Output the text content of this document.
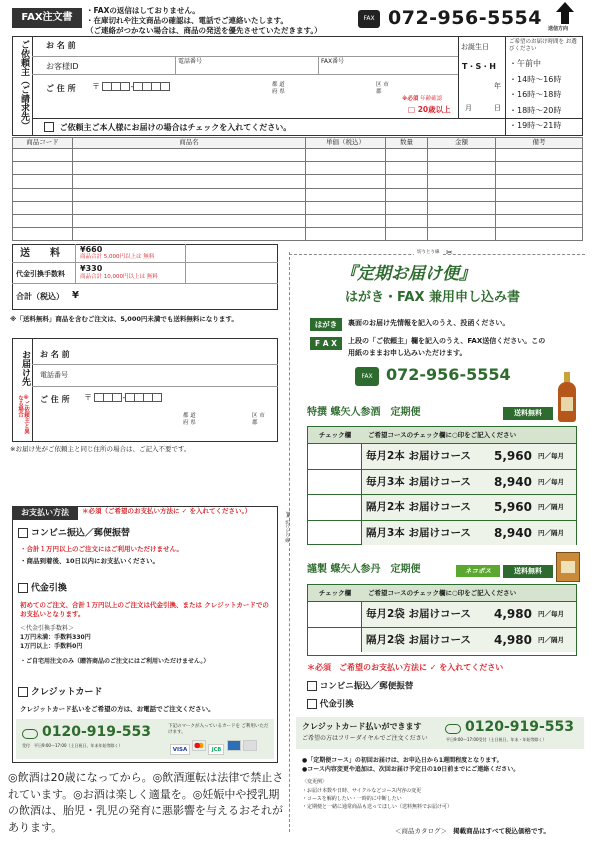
FAX注文書
・FAXの返信はしておりません。
・在庫切れや注文商品の確認は、電話でご連絡いたします。
（ご連絡がつかない場合は、商品の発送を優先させていただきます。）
FAX 072-956-5554 送信方向
ご依頼主（ご請求先） お 名 前
お客様ID
電話番号	FAX番号
ご 住 所 〒	-	都 道
府 県
区 市
郡
※必須 年齢確認
□ 20歳以上
お誕生日
T・S・H
年
月	日
ご希望のお届け時間を お選びください
・午前中
・14時～16時
・16時～18時
・18時～20時
・19時～21時
ご依頼主ご本人様にお届けの場合はチェックを入れてください。
商品コード	商品名	単価（税込）	数量	金額	備考

送　　料	¥660
商品合計 5,000円以上は 無料
代金引換手数料
¥330
商品合計 10,000円以上は 無料
合計（税込） ¥
※「送料無料」商品を含むご注文は、5,000円未満でも送料無料になります。
お届け先
※ご依頼主と異なる場合
お 名 前
電話番号
ご 住 所 〒	-
都 道
府 県
区 市
郡
※お届け先がご依頼主と同じ住所の場合は、ご記入不要です。
お支払い方法	＊必須（ご希望のお支払い方法に ✓ を入れてください。）
コンビニ振込／郵便振替
・合計１万円以上のご注文にはご利用いただけません。
・商品到着後、10日以内にお支払いください。
代金引換
初めてのご注文、合計１万円以上のご注文は代金引換、または クレジットカードでのお支払いとなります。
＜代金引換手数料＞
1万円未満：手数料330円
1万円以上：手数料0円
・ご自宅用注文のみ（贈答商品のご注文にはご利用いただけません。）
クレジットカード
クレジットカード払いをご希望の方は、お電話でご注文ください。
0120-919-553
受付　平日9:00～17:00（土日祝日、年末年始等除く）
下記のマークが入っているカードを ご利用いただけます。
VISA	JCB
◎飲酒は20歳になってから。◎飲酒運転は法律で禁止されています。◎お酒は楽しく適量を。◎妊娠中や授乳期の飲酒は、胎児・乳児の発育に悪影響を与えるおそれがあります。
切りとり線 ✂
切りとり線
✂
『定期お届け便』
はがき・FAX 兼用申し込み書
はがき	裏面のお届け先情報を記入のうえ、投函ください。
F A X	上段の「ご依頼主」欄を記入のうえ、FAX送信ください。この用紙のままお申し込みいただけます。
FAX 072-956-5554
特撰 蝶矢人参酒　定期便	送料無料
チェック欄	ご希望コースのチェック欄に○印をご記入ください
毎月2本 お届けコース 5,960 円／毎月
毎月3本 お届けコース 8,940 円／毎月
隔月2本 お届けコース 5,960 円／隔月
隔月3本 お届けコース 8,940 円／隔月
謹製 蝶矢人参丹　定期便	ネコポス	送料無料
チェック欄	ご希望コースのチェック欄に○印をご記入ください
毎月2袋 お届けコース 4,980 円／毎月
隔月2袋 お届けコース 4,980 円／隔月
＊必須　ご希望のお支払い方法に ✓ を入れてください
コンビニ振込／郵便振替
代金引換
クレジットカード払いができます
ご希望の方はフリーダイヤルでご注文ください
0120-919-553
平日9:00～17:00受付（土日祝日、年末・年始等除く）
●「定期便コース」の初回お届けは、お申込日から1週間程度となります。
●コース内容変更や追加は、次回お届け予定日の10日前までにご連絡ください。
〈変更例〉
・お届け本数や日時、サイクルなどコース内容の変更
・コースを解約したい・一時的に中断したい
・定期便と一緒に通常商品も送ってほしい（送料無料でお届け可）
＜商品カタログ＞ 掲載商品はすべて税込価格です。
